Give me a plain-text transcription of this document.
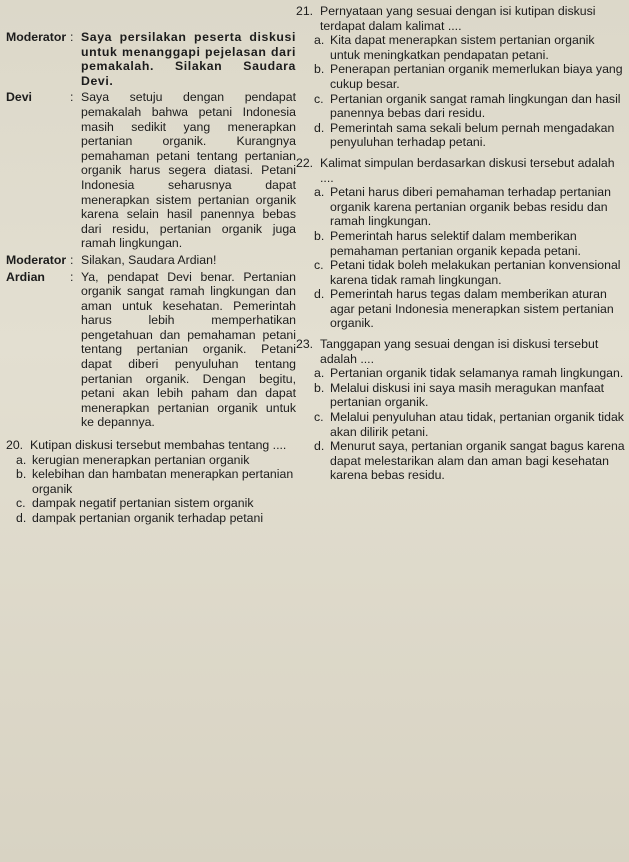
Moderator : Saya persilakan peserta diskusi untuk menanggapi pejelasan dari pemakalah. Silakan Saudara Devi.
Devi	: Saya setuju dengan pendapat pemakalah bahwa petani Indonesia masih sedikit yang menerapkan pertanian organik. Kurangnya pemahaman petani tentang pertanian organik harus segera diatasi. Petani Indonesia seharusnya dapat menerapkan sistem pertanian organik karena selain hasil panennya bebas dari residu, pertanian organik juga ramah lingkungan.
Moderator : Silakan, Saudara Ardian!
Ardian	: Ya, pendapat Devi benar. Pertanian organik sangat ramah lingkungan dan aman untuk kesehatan. Pemerintah harus lebih memperhatikan pengetahuan dan pemahaman petani tentang pertanian organik. Petani dapat diberi penyuluhan tentang pertanian organik. Dengan begitu, petani akan lebih paham dan dapat menerapkan pertanian organik untuk ke depannya.
20. Kutipan diskusi tersebut membahas tentang ....
a. kerugian menerapkan pertanian organik
b. kelebihan dan hambatan menerapkan pertanian organik
c. dampak negatif pertanian sistem organik
d. dampak pertanian organik terhadap petani
21. Pernyataan yang sesuai dengan isi kutipan diskusi terdapat dalam kalimat ....
a. Kita dapat menerapkan sistem pertanian organik untuk meningkatkan pendapatan petani.
b. Penerapan pertanian organik memerlukan biaya yang cukup besar.
c. Pertanian organik sangat ramah lingkungan dan hasil panennya bebas dari residu.
d. Pemerintah sama sekali belum pernah mengadakan penyuluhan terhadap petani.
22. Kalimat simpulan berdasarkan diskusi tersebut adalah ....
a. Petani harus diberi pemahaman terhadap pertanian organik karena pertanian organik bebas residu dan ramah lingkungan.
b. Pemerintah harus selektif dalam memberikan pemahaman pertanian organik kepada petani.
c. Petani tidak boleh melakukan pertanian konvensional karena tidak ramah lingkungan.
d. Pemerintah harus tegas dalam memberikan aturan agar petani Indonesia menerapkan sistem pertanian organik.
23. Tanggapan yang sesuai dengan isi diskusi tersebut adalah ....
a. Pertanian organik tidak selamanya ramah lingkungan.
b. Melalui diskusi ini saya masih meragukan manfaat pertanian organik.
c. Melalui penyuluhan atau tidak, pertanian organik tidak akan dilirik petani.
d. Menurut saya, pertanian organik sangat bagus karena dapat melestarikan alam dan aman bagi kesehatan karena bebas residu.
